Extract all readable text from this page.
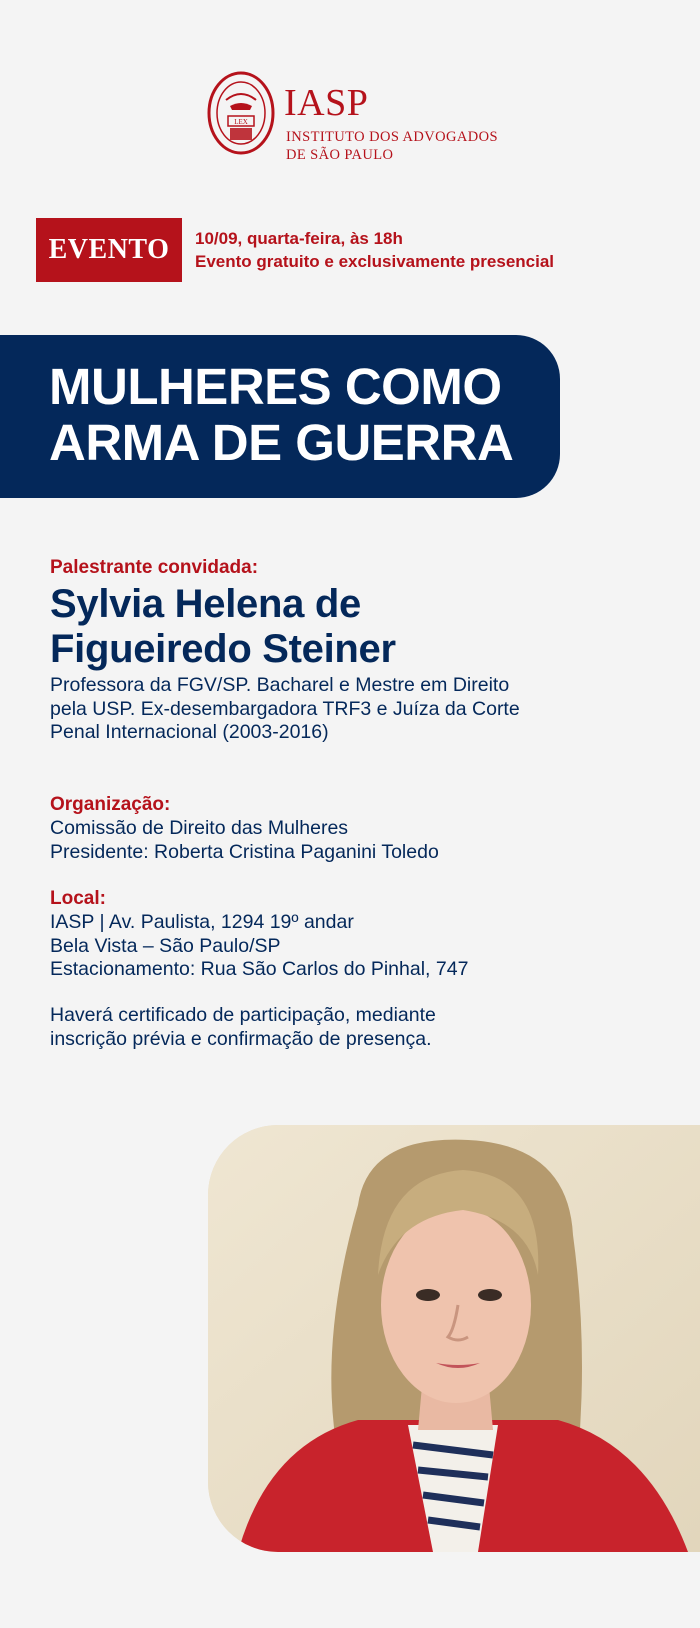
LEX IASP
INSTITUTO DOS ADVOGADOS
DE SÃO PAULO
EVENTO	10/09, quarta-feira, às 18h
Evento gratuito e exclusivamente presencial
MULHERES COMO
ARMA DE GUERRA
Palestrante convidada:
Sylvia Helena de
Figueiredo Steiner
Professora da FGV/SP. Bacharel e Mestre em Direito
pela USP. Ex-desembargadora TRF3 e Juíza da Corte
Penal Internacional (2003-2016)
Organização:
Comissão de Direito das Mulheres
Presidente: Roberta Cristina Paganini Toledo
Local:
IASP | Av. Paulista, 1294 19º andar
Bela Vista – São Paulo/SP
Estacionamento: Rua São Carlos do Pinhal, 747
Haverá certificado de participação, mediante
inscrição prévia e confirmação de presença.
